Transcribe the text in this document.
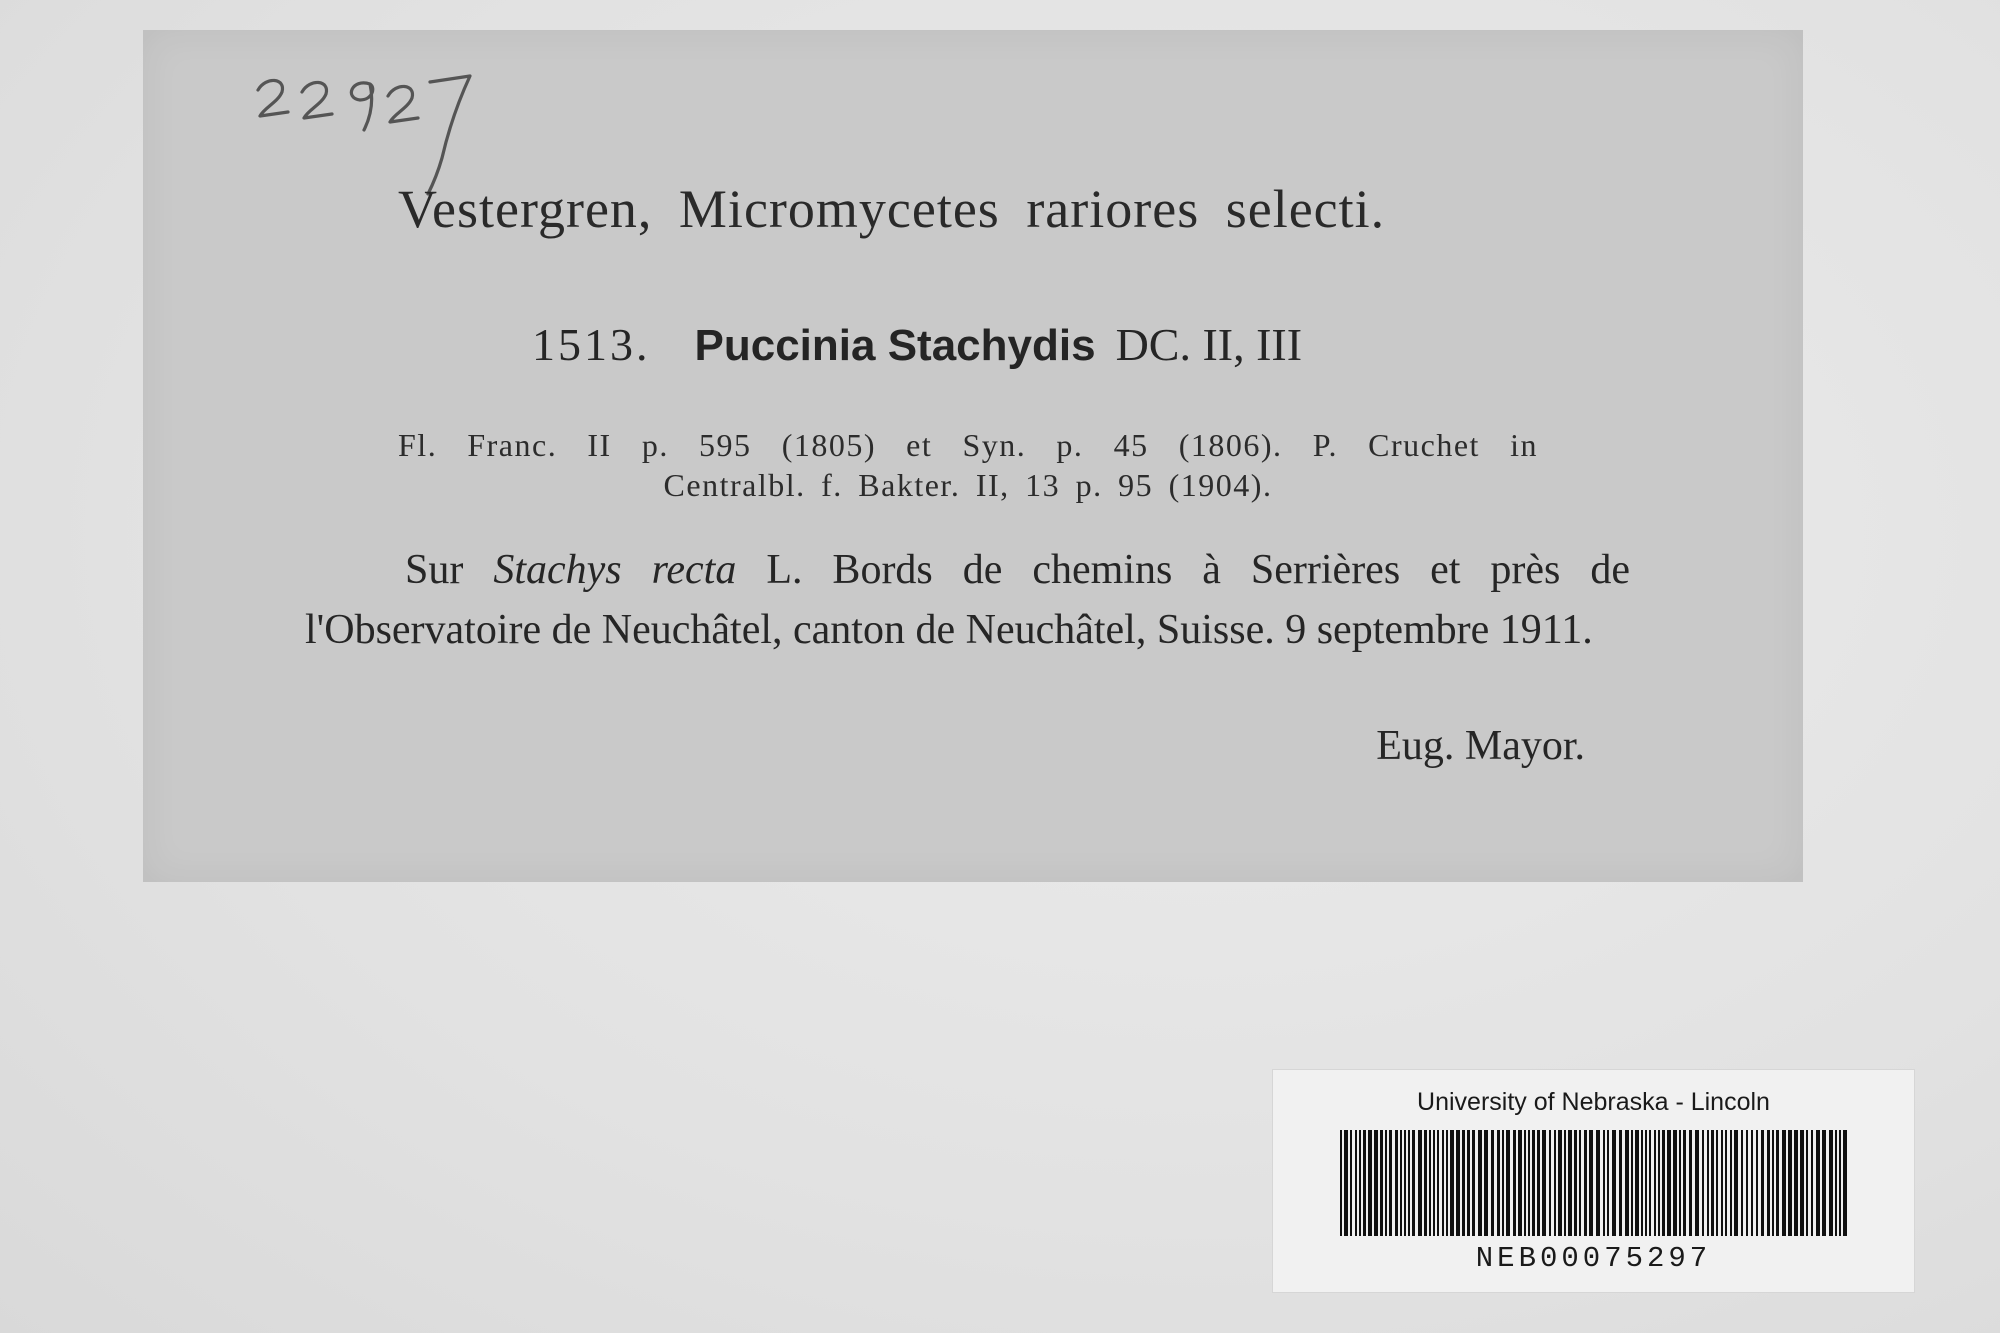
Vestergren, Micromycetes rariores selecti.
1513. Puccinia Stachydis DC. II, III
Fl. Franc. II p. 595 (1805) et Syn. p. 45 (1806). P. Cruchet in
Centralbl. f. Bakter. II, 13 p. 95 (1904).
Sur Stachys recta L. Bords de chemins à Serrières et près de l'Observatoire de Neuchâtel, canton de Neuchâtel, Suisse. 9 septembre 1911.
Eug. Mayor.
University of Nebraska - Lincoln
NEB00075297
